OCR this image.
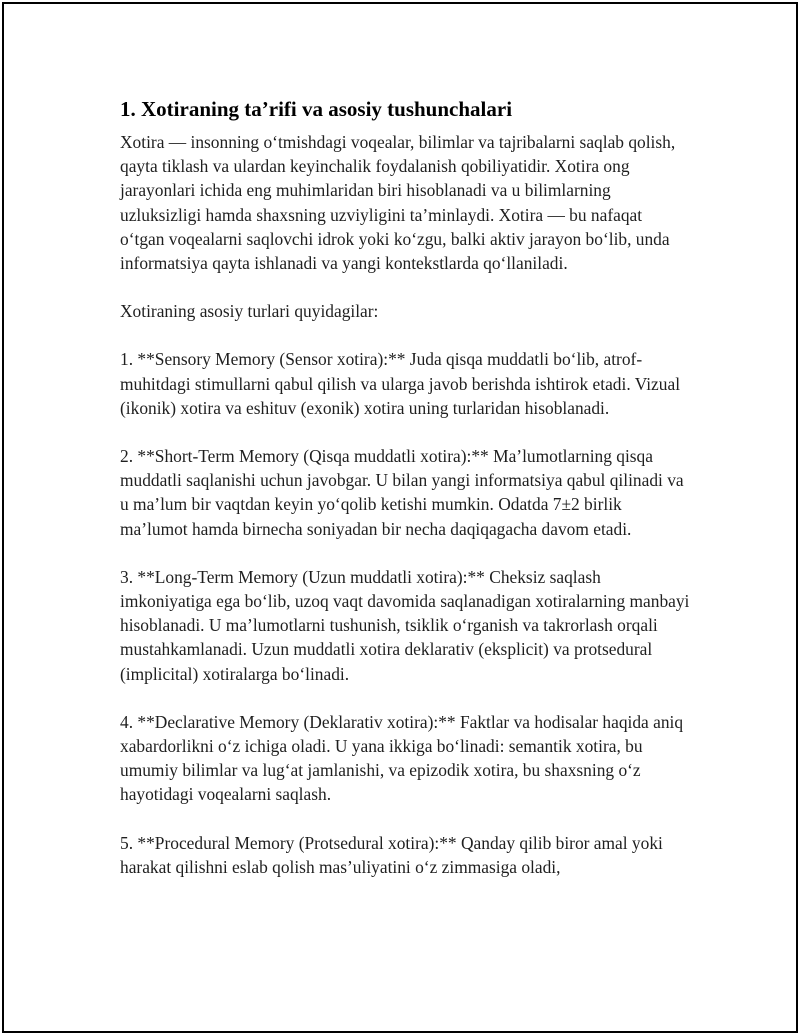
1. Xotiraning ta’rifi va asosiy tushunchalari

Xotira — insonning o‘tmishdagi voqealar, bilimlar va tajribalarni saqlab qolish, qayta tiklash va ulardan keyinchalik foydalanish qobiliyatidir. Xotira ong jarayonlari ichida eng muhimlaridan biri hisoblanadi va u bilimlarning uzluksizligi hamda shaxsning uzviyligini ta’minlaydi. Xotira — bu nafaqat o‘tgan voqealarni saqlovchi idrok yoki ko‘zgu, balki aktiv jarayon bo‘lib, unda informatsiya qayta ishlanadi va yangi kontekstlarda qo‘llaniladi.

Xotiraning asosiy turlari quyidagilar:

1. **Sensory Memory (Sensor xotira):** Juda qisqa muddatli bo‘lib, atrof-muhitdagi stimullarni qabul qilish va ularga javob berishda ishtirok etadi. Vizual (ikonik) xotira va eshituv (exonik) xotira uning turlaridan hisoblanadi.

2. **Short-Term Memory (Qisqa muddatli xotira):** Ma’lumotlarning qisqa muddatli saqlanishi uchun javobgar. U bilan yangi informatsiya qabul qilinadi va u ma’lum bir vaqtdan keyin yo‘qolib ketishi mumkin. Odatda 7±2 birlik ma’lumot hamda birnecha soniyadan bir necha daqiqagacha davom etadi.

3. **Long-Term Memory (Uzun muddatli xotira):** Cheksiz saqlash imkoniyatiga ega bo‘lib, uzoq vaqt davomida saqlanadigan xotiralarning manbayi hisoblanadi. U ma’lumotlarni tushunish, tsiklik o‘rganish va takrorlash orqali mustahkamlanadi. Uzun muddatli xotira deklarativ (eksplicit) va protsedural (implicital) xotiralarga bo‘linadi.

4. **Declarative Memory (Deklarativ xotira):** Faktlar va hodisalar haqida aniq xabardorlikni o‘z ichiga oladi. U yana ikkiga bo‘linadi: semantik xotira, bu umumiy bilimlar va lug‘at jamlanishi, va epizodik xotira, bu shaxsning o‘z hayotidagi voqealarni saqlash.

5. **Procedural Memory (Protsedural xotira):** Qanday qilib biror amal yoki harakat qilishni eslab qolish mas’uliyatini o‘z zimmasiga oladi,
